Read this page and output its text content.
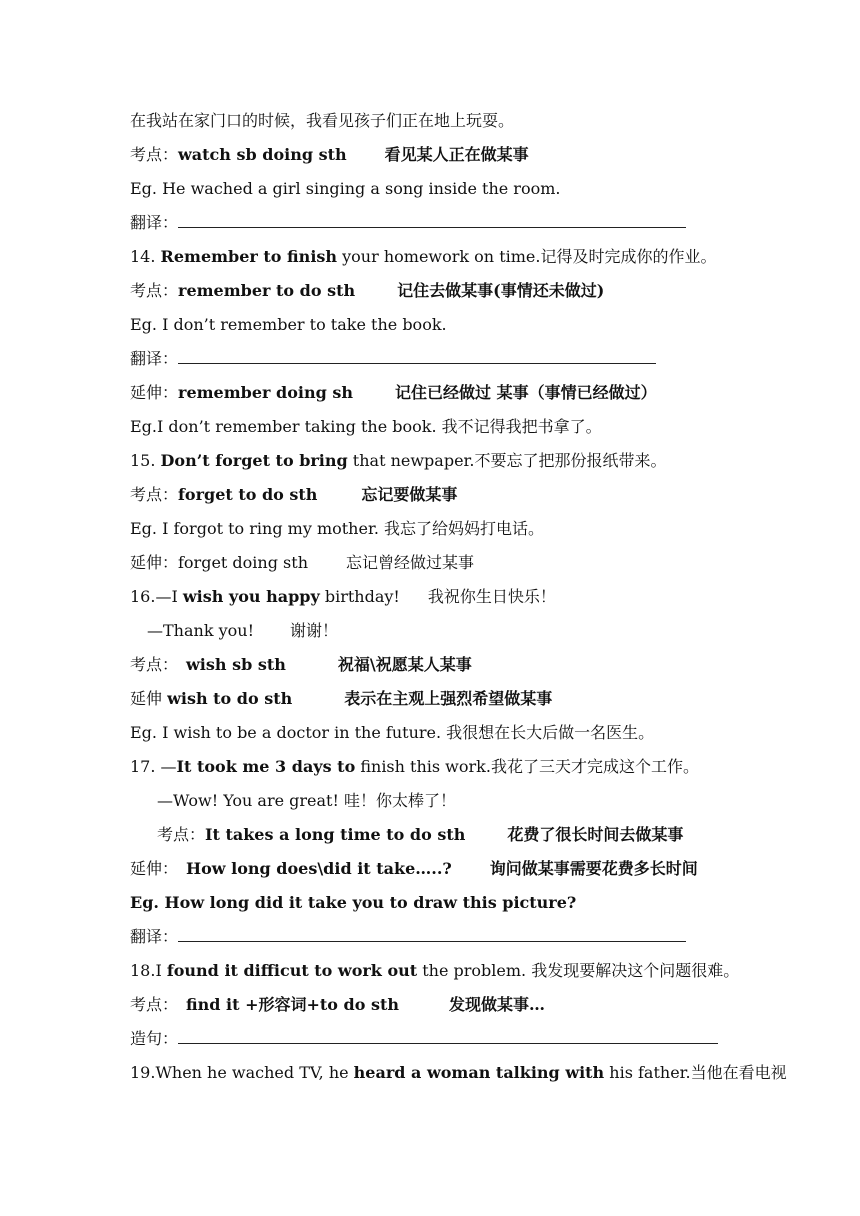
在我站在家门口的时候，我看见孩子们正在地上玩耍。
考点：watch sb doing sth 看见某人正在做某事
Eg. He wached a girl singing a song inside the room.
翻译：
14. Remember to finish your homework on time.记得及时完成你的作业。
考点：remember to do sth	记住去做某事(事情还未做过)
Eg. I don’t remember to take the book.
翻译：
延伸：remember doing sh	记住已经做过 某事（事情已经做过）
Eg.I don’t remember taking the book. 我不记得我把书拿了。
15. Don’t forget to bring that newpaper.不要忘了把那份报纸带来。
考点：forget to do sth	忘记要做某事
Eg. I forgot to ring my mother. 我忘了给妈妈打电话。
延伸：forget doing sth 忘记曾经做过某事
16.—I wish you happy birthday! 我祝你生日快乐！
—Thank you! 谢谢！
考点： wish sb sth	祝福\祝愿某人某事
延伸 wish to do sth	表示在主观上强烈希望做某事
Eg. I wish to be a doctor in the future. 我很想在长大后做一名医生。
17. —It took me 3 days to finish this work.我花了三天才完成这个工作。
—Wow! You are great! 哇！你太棒了！
考点：It takes a long time to do sth	花费了很长时间去做某事
延伸： How long does\did it take…..? 询问做某事需要花费多长时间
Eg. How long did it take you to draw this picture?
翻译：
18.I found it difficut to work out the problem. 我发现要解决这个问题很难。
考点： find it +形容词+to do sth	发现做某事…
造句：
19.When he wached TV, he heard a woman talking with his father.当他在看电视
